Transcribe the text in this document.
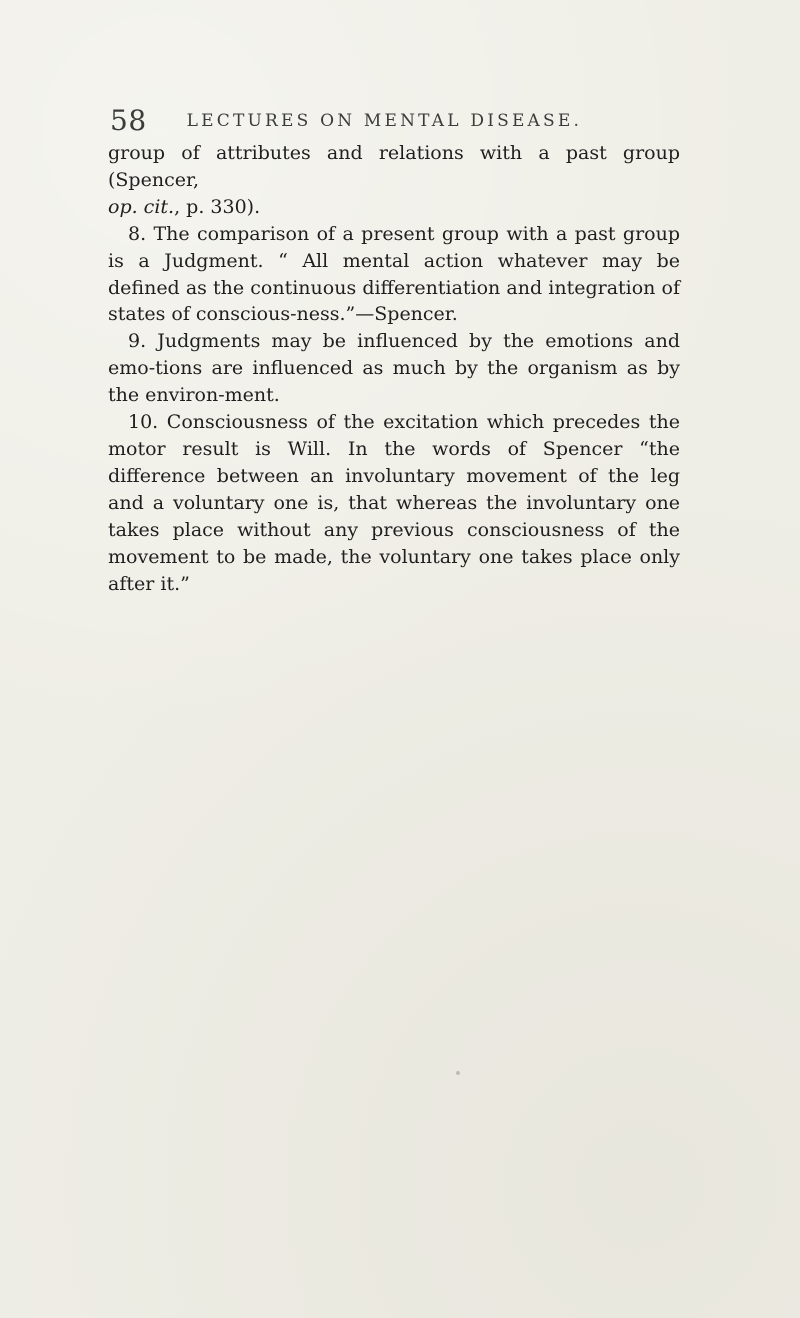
58 LECTURES ON MENTAL DISEASE.

group of attributes and relations with a past group (Spencer,
op. cit., p. 330).

8. The comparison of a present group with a past group is a Judgment. “ All mental action whatever may be defined as the continuous differentiation and integration of states of conscious-ness.”—Spencer.

9. Judgments may be influenced by the emotions and emo-tions are influenced as much by the organism as by the environ-ment.

10. Consciousness of the excitation which precedes the motor result is Will. In the words of Spencer “the difference between an involuntary movement of the leg and a voluntary one is, that whereas the involuntary one takes place without any previous consciousness of the movement to be made, the voluntary one takes place only after it.”
